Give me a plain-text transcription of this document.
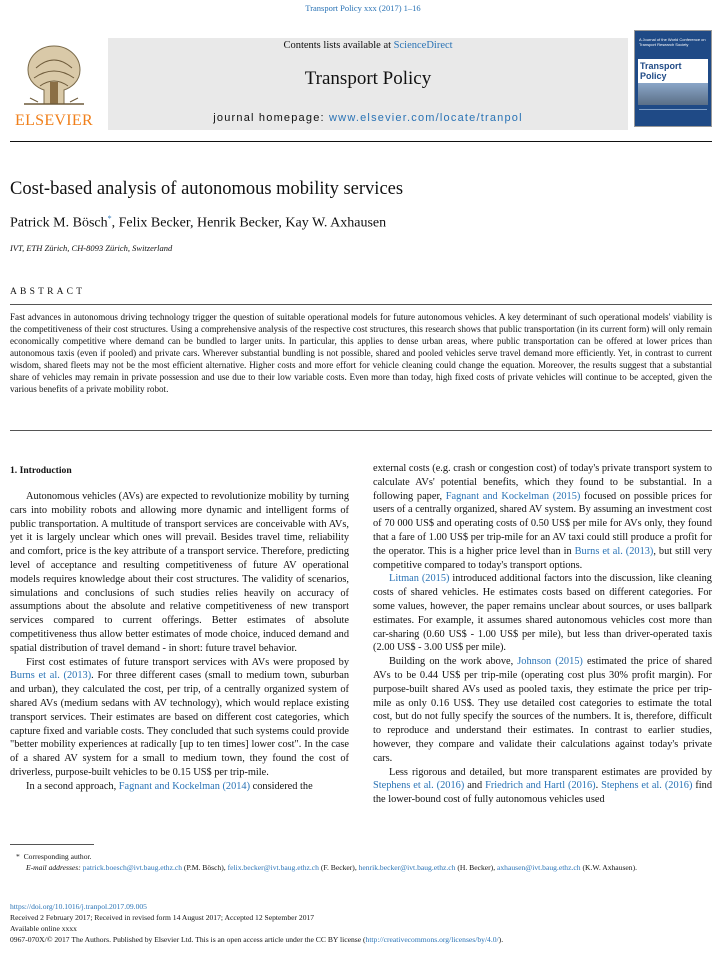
Transport Policy xxx (2017) 1–16
ELSEVIER
Contents lists available at ScienceDirect
Transport Policy
journal homepage: www.elsevier.com/locate/tranpol
A Journal of the World Conference on Transport Research Society
Transport Policy
Cost-based analysis of autonomous mobility services
Patrick M. Bösch*, Felix Becker, Henrik Becker, Kay W. Axhausen
IVT, ETH Zürich, CH-8093 Zürich, Switzerland
ABSTRACT
Fast advances in autonomous driving technology trigger the question of suitable operational models for future autonomous vehicles. A key determinant of such operational models' viability is the competitiveness of their cost structures. Using a comprehensive analysis of the respective cost structures, this research shows that public transportation (in its current form) will only remain economically competitive where demand can be bundled to larger units. In particular, this applies to dense urban areas, where public transportation can be offered at lower prices than autonomous taxis (even if pooled) and private cars. Wherever substantial bundling is not possible, shared and pooled vehicles serve travel demand more efficiently. Yet, in contrast to current wisdom, shared fleets may not be the most efficient alternative. Higher costs and more effort for vehicle cleaning could change the equation. Moreover, the results suggest that a substantial share of vehicles may remain in private possession and use due to their low variable costs. Even more than today, high fixed costs of private vehicles will continue to be accepted, given the various benefits of a private mobility robot.
1. Introduction

Autonomous vehicles (AVs) are expected to revolutionize mobility by turning cars into mobility robots and allowing more dynamic and intelligent forms of public transportation. A multitude of transport services are conceivable with AVs, yet it is largely unclear which ones will prevail. Besides travel time, reliability and comfort, price is the key attribute of a transport service. Therefore, predicting level of acceptance and resulting competitiveness of future AV operational models requires knowledge about their cost structures. The validity of scenarios, simulations and conclusions of such studies relies heavily on accuracy of assumptions about the absolute and relative competitiveness of new transport services compared to current offerings. Better estimates of absolute competitiveness thus allow better estimates of mode choice, induced demand and spatial distribution of travel demand - in short: future travel behavior.

First cost estimates of future transport services with AVs were proposed by Burns et al. (2013). For three different cases (small to medium town, suburban and urban), they calculated the cost, per trip, of a centrally organized system of shared AVs (medium sedans with AV technology), which would replace existing transport services. Their estimates are based on different cost categories, which capture fixed and variable costs. They concluded that such systems could provide "better mobility experiences at radically [up to ten times] lower cost". In the case of a shared AV system for a small to medium town, they found the cost of driverless, purpose-built vehicles to be 0.15 US$ per trip-mile.

In a second approach, Fagnant and Kockelman (2014) considered the

external costs (e.g. crash or congestion cost) of today's private transport system to calculate AVs' potential benefits, which they found to be substantial. In a following paper, Fagnant and Kockelman (2015) focused on possible prices for users of a centrally organized, shared AV system. By assuming an investment cost of 70 000 US$ and operating costs of 0.50 US$ per mile for AVs only, they found that a fare of 1.00 US$ per trip-mile for an AV taxi could still produce a profit for the operator. This is a higher price level than in Burns et al. (2013), but still very competitive compared to today's transport options.

Litman (2015) introduced additional factors into the discussion, like cleaning costs of shared vehicles. He estimates costs based on different categories. For some values, however, the paper remains unclear about sources, or uses ballpark estimates. For example, it assumes shared autonomous vehicles cost more than car-sharing (0.60 US$ - 1.00 US$ per mile), but less than driver-operated taxis (2.00 US$ - 3.00 US$ per mile).

Building on the work above, Johnson (2015) estimated the price of shared AVs to be 0.44 US$ per trip-mile (operating cost plus 30% profit margin). For purpose-built shared AVs used as pooled taxis, they estimate the price per trip-mile as only 0.16 US$. They use detailed cost categories to estimate the total cost, but do not fully specify the sources of the numbers. It is, therefore, difficult to reproduce and understand their estimates. In contrast to earlier studies, however, they compare and validate their calculations against today's private cars.

Less rigorous and detailed, but more transparent estimates are provided by Stephens et al. (2016) and Friedrich and Hartl (2016). Stephens et al. (2016) find the lower-bound cost of fully autonomous vehicles used

* Corresponding author.
E-mail addresses: patrick.boesch@ivt.baug.ethz.ch (P.M. Bösch), felix.becker@ivt.baug.ethz.ch (F. Becker), henrik.becker@ivt.baug.ethz.ch (H. Becker), axhausen@ivt.baug.ethz.ch (K.W. Axhausen).
https://doi.org/10.1016/j.tranpol.2017.09.005
Received 2 February 2017; Received in revised form 14 August 2017; Accepted 12 September 2017
Available online xxxx
0967-070X/© 2017 The Authors. Published by Elsevier Ltd. This is an open access article under the CC BY license (http://creativecommons.org/licenses/by/4.0/).
